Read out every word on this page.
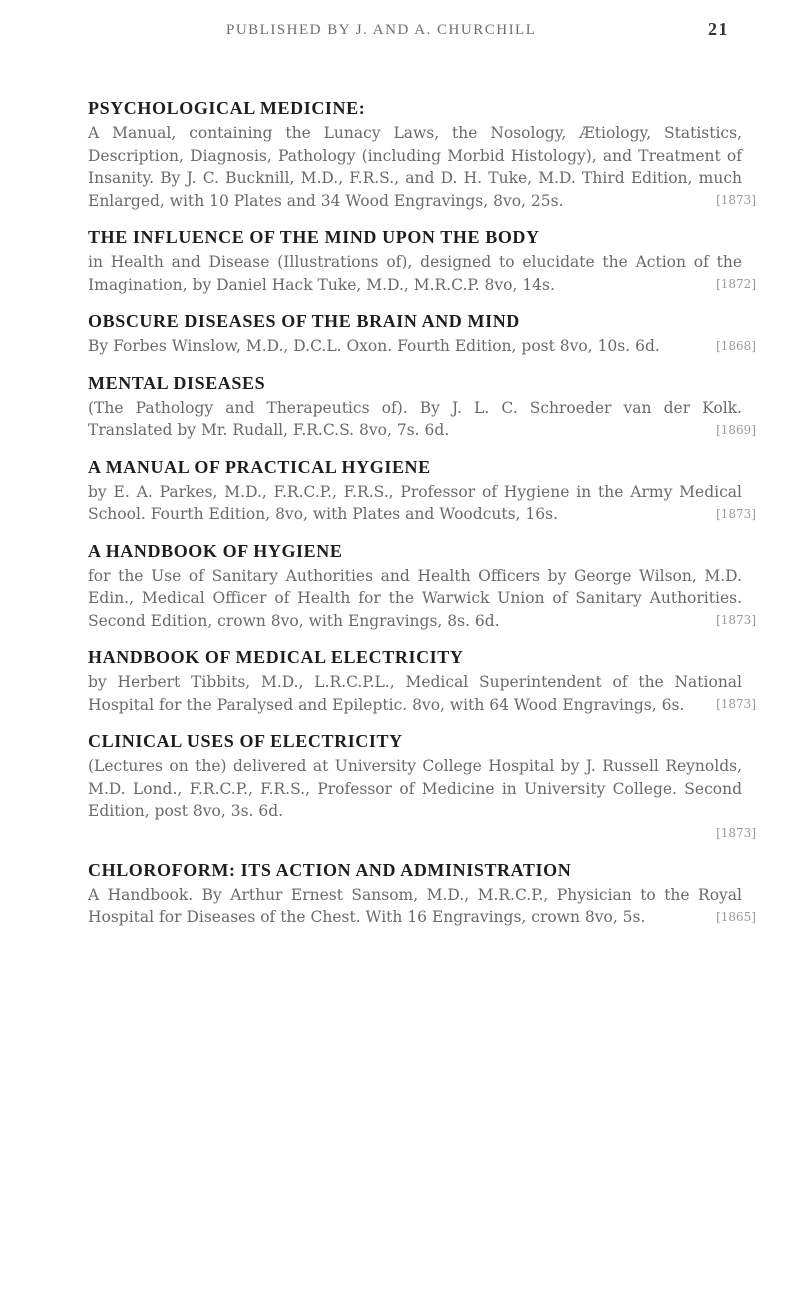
PUBLISHED BY J. AND A. CHURCHILL	21
PSYCHOLOGICAL MEDICINE:
A Manual, containing the Lunacy Laws, the Nosology, Ætiology, Statistics, Description, Diagnosis, Pathology (including Morbid Histology), and Treatment of Insanity. By J. C. Bucknill, M.D., F.R.S., and D. H. Tuke, M.D. Third Edition, much Enlarged, with 10 Plates and 34 Wood Engravings, 8vo, 25s.	[1873]
THE INFLUENCE OF THE MIND UPON THE BODY
in Health and Disease (Illustrations of), designed to elucidate the Action of the Imagination, by Daniel Hack Tuke, M.D., M.R.C.P. 8vo, 14s.	[1872]
OBSCURE DISEASES OF THE BRAIN AND MIND
By Forbes Winslow, M.D., D.C.L. Oxon. Fourth Edition, post 8vo, 10s. 6d.	[1868]
MENTAL DISEASES
(The Pathology and Therapeutics of). By J. L. C. Schroeder van der Kolk. Translated by Mr. Rudall, F.R.C.S. 8vo, 7s. 6d.	[1869]
A MANUAL OF PRACTICAL HYGIENE
by E. A. Parkes, M.D., F.R.C.P., F.R.S., Professor of Hygiene in the Army Medical School. Fourth Edition, 8vo, with Plates and Woodcuts, 16s.	[1873]
A HANDBOOK OF HYGIENE
for the Use of Sanitary Authorities and Health Officers by George Wilson, M.D. Edin., Medical Officer of Health for the Warwick Union of Sanitary Authorities. Second Edition, crown 8vo, with Engravings, 8s. 6d.	[1873]
HANDBOOK OF MEDICAL ELECTRICITY
by Herbert Tibbits, M.D., L.R.C.P.L., Medical Superintendent of the National Hospital for the Paralysed and Epileptic. 8vo, with 64 Wood Engravings, 6s.	[1873]
CLINICAL USES OF ELECTRICITY
(Lectures on the) delivered at University College Hospital by J. Russell Reynolds, M.D. Lond., F.R.C.P., F.R.S., Professor of Medicine in University College. Second Edition, post 8vo, 3s. 6d.
[1873]
CHLOROFORM: ITS ACTION AND ADMINISTRATION
A Handbook. By Arthur Ernest Sansom, M.D., M.R.C.P., Physician to the Royal Hospital for Diseases of the Chest. With 16 Engravings, crown 8vo, 5s.	[1865]
